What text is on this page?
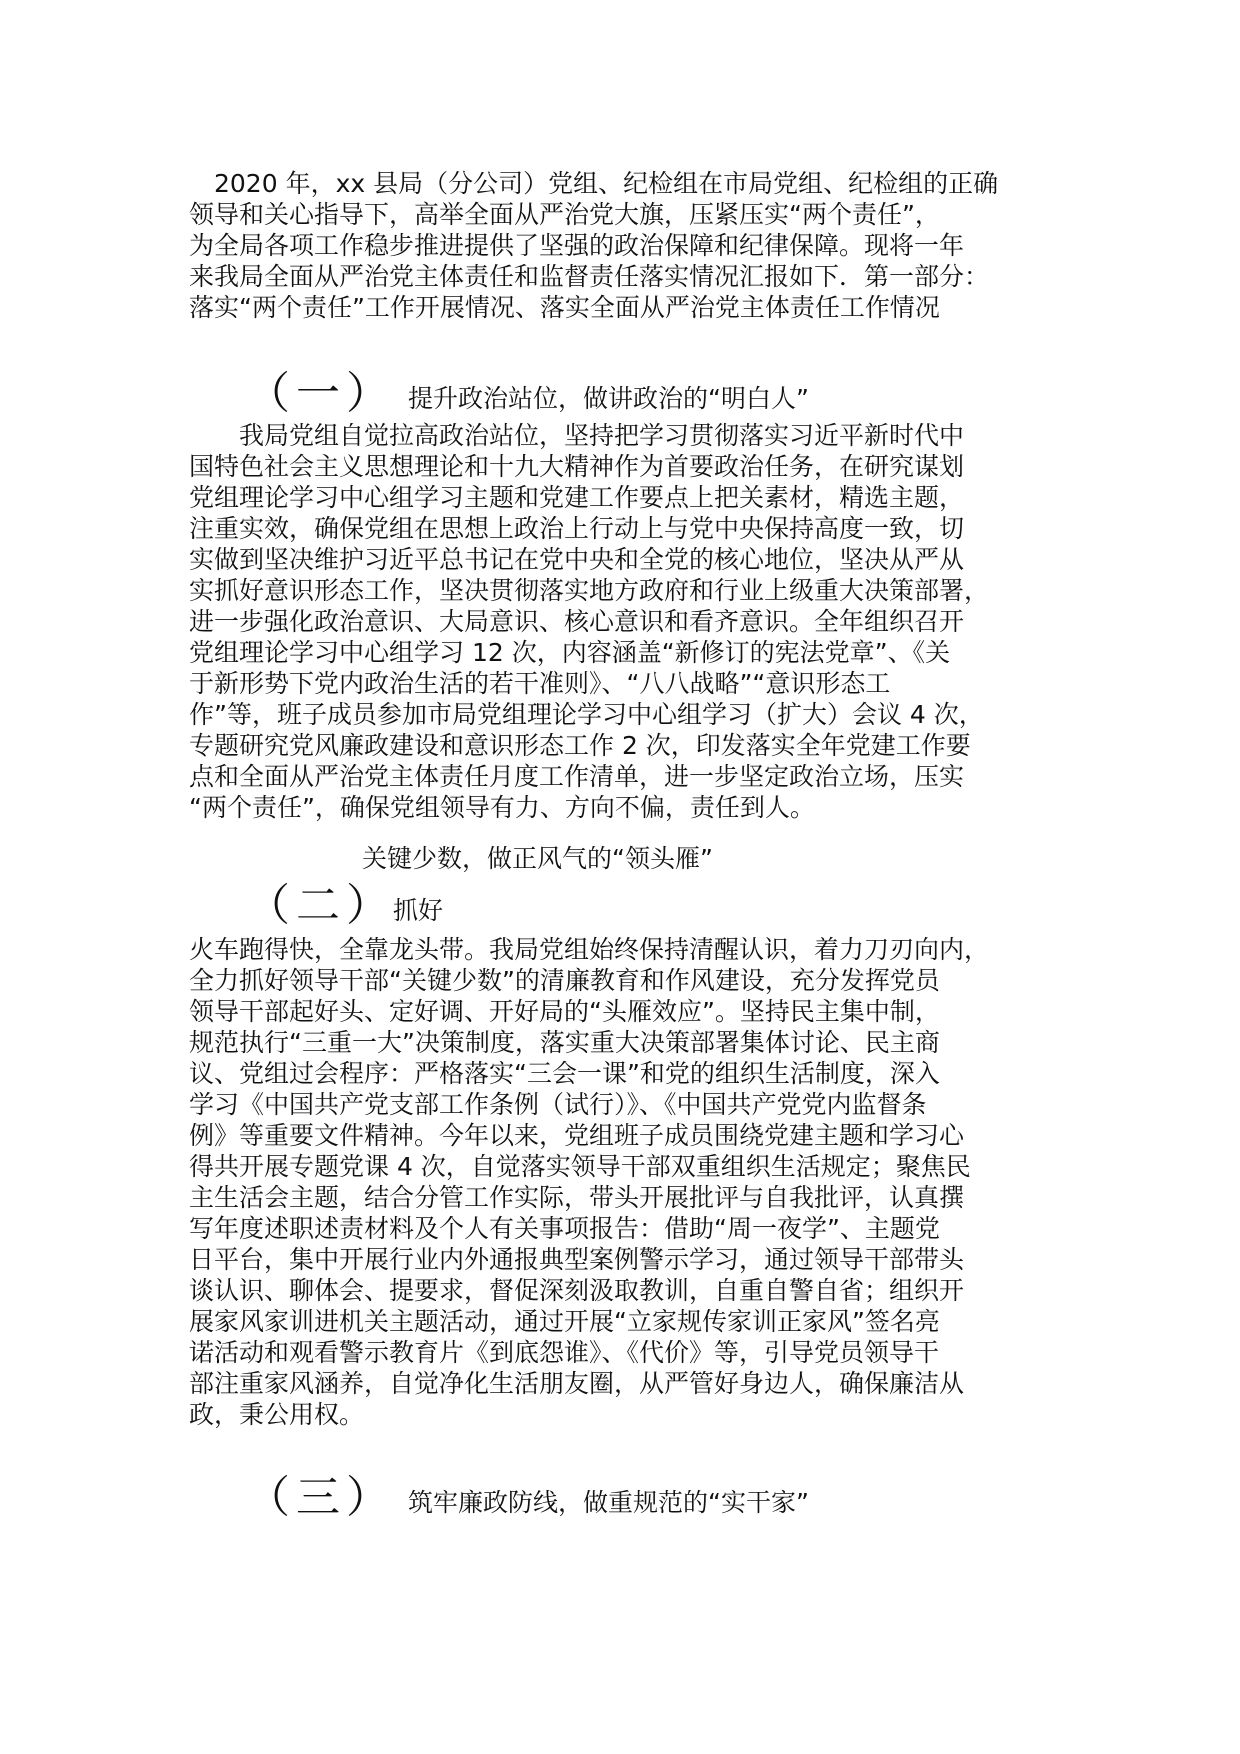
　2020 年，xx 县局（分公司）党组、纪检组在市局党组、纪检组的正确
领导和关心指导下，高举全面从严治党大旗，压紧压实“两个责任”，
为全局各项工作稳步推进提供了坚强的政治保障和纪律保障。现将一年
来我局全面从严治党主体责任和监督责任落实情况汇报如下．第一部分：
落实“两个责任”工作开展情况、落实全面从严治党主体责任工作情况
（一） 提升政治站位，做讲政治的“明白人”
　　我局党组自觉拉高政治站位，坚持把学习贯彻落实习近平新时代中
国特色社会主义思想理论和十九大精神作为首要政治任务，在研究谋划
党组理论学习中心组学习主题和党建工作要点上把关素材，精选主题，
注重实效，确保党组在思想上政治上行动上与党中央保持高度一致，切
实做到坚决维护习近平总书记在党中央和全党的核心地位，坚决从严从
实抓好意识形态工作，坚决贯彻落实地方政府和行业上级重大决策部署，
进一步强化政治意识、大局意识、核心意识和看齐意识。全年组织召开
党组理论学习中心组学习 12 次，内容涵盖“新修订的宪法党章”、《关
于新形势下党内政治生活的若干准则》、“八八战略”“意识形态工
作”等，班子成员参加市局党组理论学习中心组学习（扩大）会议 4 次，
专题研究党风廉政建设和意识形态工作 2 次，印发落实全年党建工作要
点和全面从严治党主体责任月度工作清单，进一步坚定政治立场，压实
“两个责任”，确保党组领导有力、方向不偏，责任到人。
关键少数，做正风气的“领头雁”
（二）
抓好
火车跑得快，全靠龙头带。我局党组始终保持清醒认识，着力刀刃向内，
全力抓好领导干部“关键少数”的清廉教育和作风建设，充分发挥党员
领导干部起好头、定好调、开好局的“头雁效应”。坚持民主集中制，
规范执行“三重一大”决策制度，落实重大决策部署集体讨论、民主商
议、党组过会程序：严格落实“三会一课”和党的组织生活制度，深入
学习《中国共产党支部工作条例（试行）》、《中国共产党党内监督条
例》等重要文件精神。今年以来，党组班子成员围绕党建主题和学习心
得共开展专题党课 4 次，自觉落实领导干部双重组织生活规定；聚焦民
主生活会主题，结合分管工作实际，带头开展批评与自我批评，认真撰
写年度述职述责材料及个人有关事项报告：借助“周一夜学”、主题党
日平台，集中开展行业内外通报典型案例警示学习，通过领导干部带头
谈认识、聊体会、提要求，督促深刻汲取教训，自重自警自省；组织开
展家风家训进机关主题活动，通过开展“立家规传家训正家风”签名亮
诺活动和观看警示教育片《到底怨谁》、《代价》等，引导党员领导干
部注重家风涵养，自觉净化生活朋友圈，从严管好身边人，确保廉洁从
政，秉公用权。
（三） 筑牢廉政防线，做重规范的“实干家”
